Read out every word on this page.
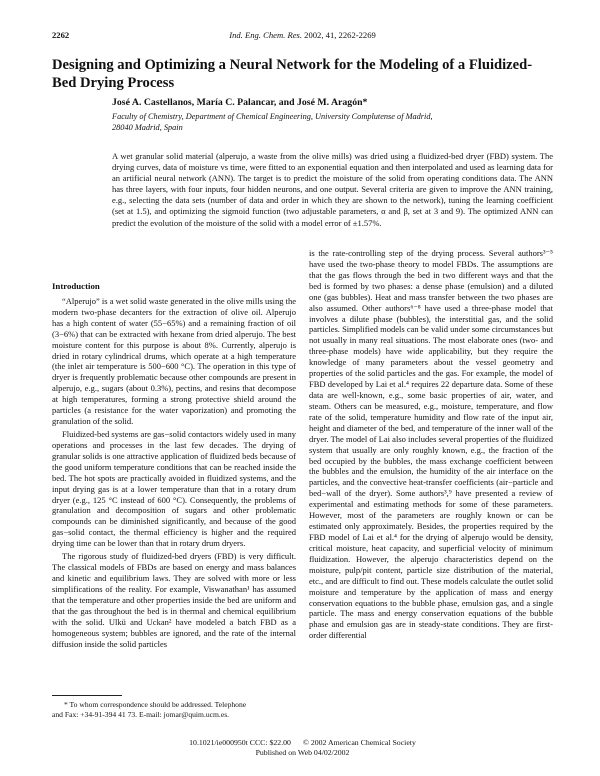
2262	Ind. Eng. Chem. Res. 2002, 41, 2262-2269
Designing and Optimizing a Neural Network for the Modeling of a Fluidized-Bed Drying Process
José A. Castellanos, María C. Palancar, and José M. Aragón*
Faculty of Chemistry, Department of Chemical Engineering, University Complutense of Madrid,
28040 Madrid, Spain
A wet granular solid material (alperujo, a waste from the olive mills) was dried using a fluidized-bed dryer (FBD) system. The drying curves, data of moisture vs time, were fitted to an exponential equation and then interpolated and used as learning data for an artificial neural network (ANN). The target is to predict the moisture of the solid from operating conditions data. The ANN has three layers, with four inputs, four hidden neurons, and one output. Several criteria are given to improve the ANN training, e.g., selecting the data sets (number of data and order in which they are shown to the network), tuning the learning coefficient (set at 1.5), and optimizing the sigmoid function (two adjustable parameters, α and β, set at 3 and 9). The optimized ANN can predict the evolution of the moisture of the solid with a model error of ±1.57%.
Introduction

“Alperujo” is a wet solid waste generated in the olive mills using the modern two-phase decanters for the extraction of olive oil. Alperujo has a high content of water (55−65%) and a remaining fraction of oil (3−6%) that can be extracted with hexane from dried alperujo. The best moisture content for this purpose is about 8%. Currently, alperujo is dried in rotary cylindrical drums, which operate at a high temperature (the inlet air temperature is 500−600 °C). The operation in this type of dryer is frequently problematic because other compounds are present in alperujo, e.g., sugars (about 0.3%), pectins, and resins that decompose at high temperatures, forming a strong protective shield around the particles (a resistance for the water vaporization) and promoting the granulation of the solid.

Fluidized-bed systems are gas−solid contactors widely used in many operations and processes in the last few decades. The drying of granular solids is one attractive application of fluidized beds because of the good uniform temperature conditions that can be reached inside the bed. The hot spots are practically avoided in fluidized systems, and the input drying gas is at a lower temperature than that in a rotary drum dryer (e.g., 125 °C instead of 600 °C). Consequently, the problems of granulation and decomposition of sugars and other problematic compounds can be diminished significantly, and because of the good gas−solid contact, the thermal efficiency is higher and the required drying time can be lower than that in rotary drum dryers.

The rigorous study of fluidized-bed dryers (FBD) is very difficult. The classical models of FBDs are based on energy and mass balances and kinetic and equilibrium laws. They are solved with more or less simplifications of the reality. For example, Viswanathan¹ has assumed that the temperature and other properties inside the bed are uniform and that the gas throughout the bed is in thermal and chemical equilibrium with the solid. Ulkü and Uckan² have modeled a batch FBD as a homogeneous system; bubbles are ignored, and the rate of the internal diffusion inside the solid particles

is the rate-controlling step of the drying process. Several authors³⁻⁵ have used the two-phase theory to model FBDs. The assumptions are that the gas flows through the bed in two different ways and that the bed is formed by two phases: a dense phase (emulsion) and a diluted one (gas bubbles). Heat and mass transfer between the two phases are also assumed. Other authors⁶⁻⁸ have used a three-phase model that involves a dilute phase (bubbles), the interstitial gas, and the solid particles. Simplified models can be valid under some circumstances but not usually in many real situations. The most elaborate ones (two- and three-phase models) have wide applicability, but they require the knowledge of many parameters about the vessel geometry and properties of the solid particles and the gas. For example, the model of FBD developed by Lai et al.⁴ requires 22 departure data. Some of these data are well-known, e.g., some basic properties of air, water, and steam. Others can be measured, e.g., moisture, temperature, and flow rate of the solid, temperature humidity and flow rate of the input air, height and diameter of the bed, and temperature of the inner wall of the dryer. The model of Lai also includes several properties of the fluidized system that usually are only roughly known, e.g., the fraction of the bed occupied by the bubbles, the mass exchange coefficient between the bubbles and the emulsion, the humidity of the air interface on the particles, and the convective heat-transfer coefficients (air−particle and bed−wall of the dryer). Some authors³,⁹ have presented a review of experimental and estimating methods for some of these parameters. However, most of the parameters are roughly known or can be estimated only approximately. Besides, the properties required by the FBD model of Lai et al.⁴ for the drying of alperujo would be density, critical moisture, heat capacity, and superficial velocity of minimum fluidization. However, the alperujo characteristics depend on the moisture, pulp/pit content, particle size distribution of the material, etc., and are difficult to find out. These models calculate the outlet solid moisture and temperature by the application of mass and energy conservation equations to the bubble phase, emulsion gas, and a single particle. The mass and energy conservation equations of the bubble phase and emulsion gas are in steady-state conditions. They are first-order differential

* To whom correspondence should be addressed. Telephone
and Fax: +34-91-394 41 73. E-mail: jomar@quim.ucm.es.
10.1021/ie000950t CCC: $22.00 © 2002 American Chemical Society
Published on Web 04/02/2002
